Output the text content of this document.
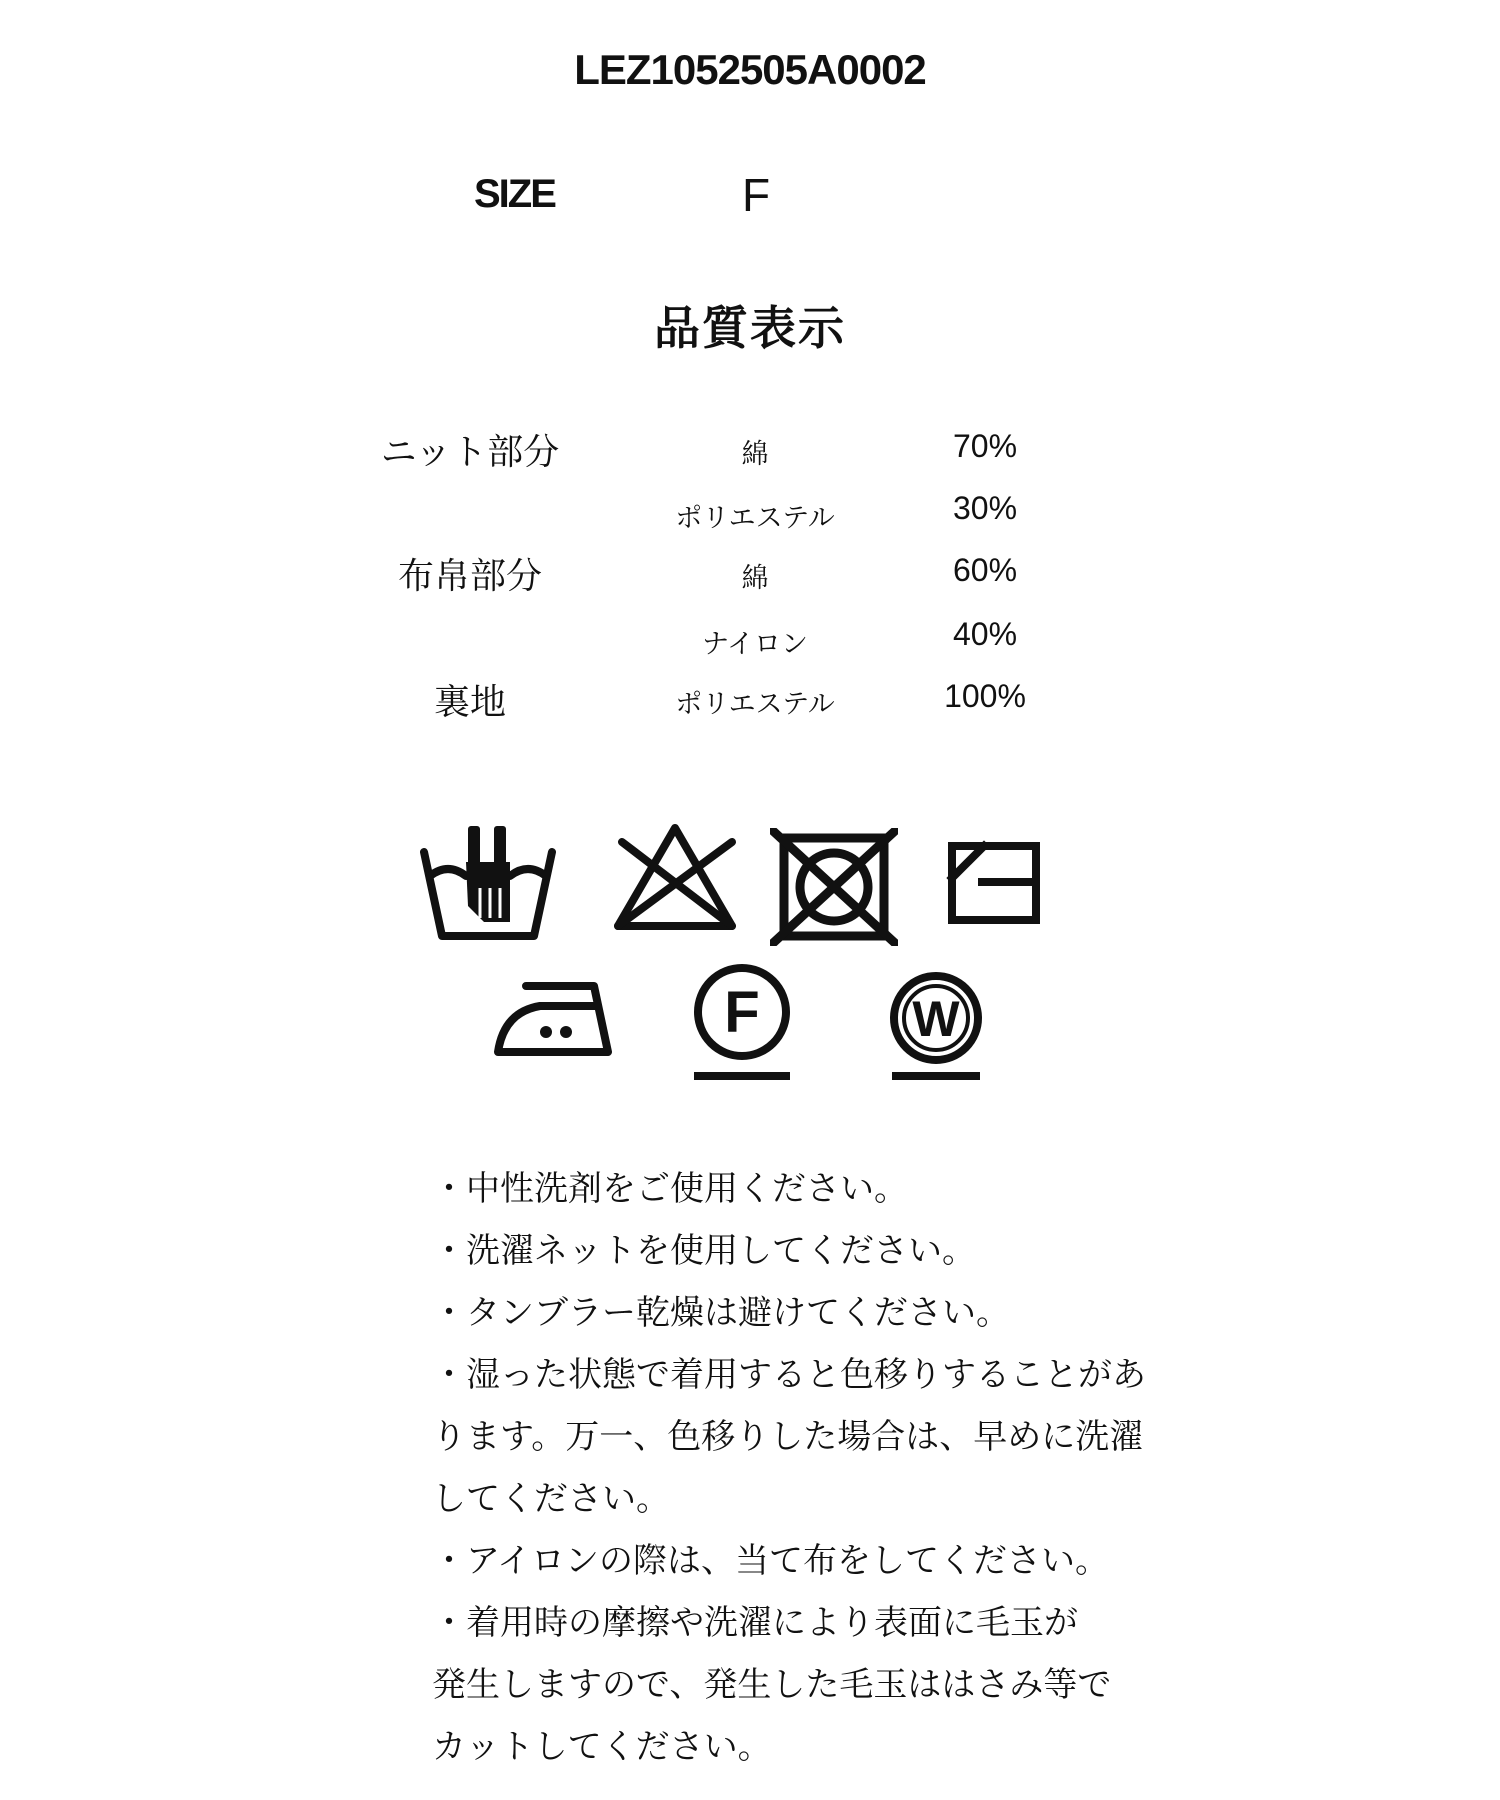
LEZ1052505A0002
SIZE	F
品質表示
ニット部分	綿	70%
ポリエステル	30%
布帛部分	綿	60%
ナイロン	40%
裏地	ポリエステル	100%
F	W

・中性洗剤をご使用ください。

・洗濯ネットを使用してください。

・タンブラー乾燥は避けてください。

・湿った状態で着用すると色移りすることがあ

ります。万一、色移りした場合は、早めに洗濯

してください。

・アイロンの際は、当て布をしてください。

・着用時の摩擦や洗濯により表面に毛玉が

発生しますので、発生した毛玉ははさみ等で

カットしてください。
